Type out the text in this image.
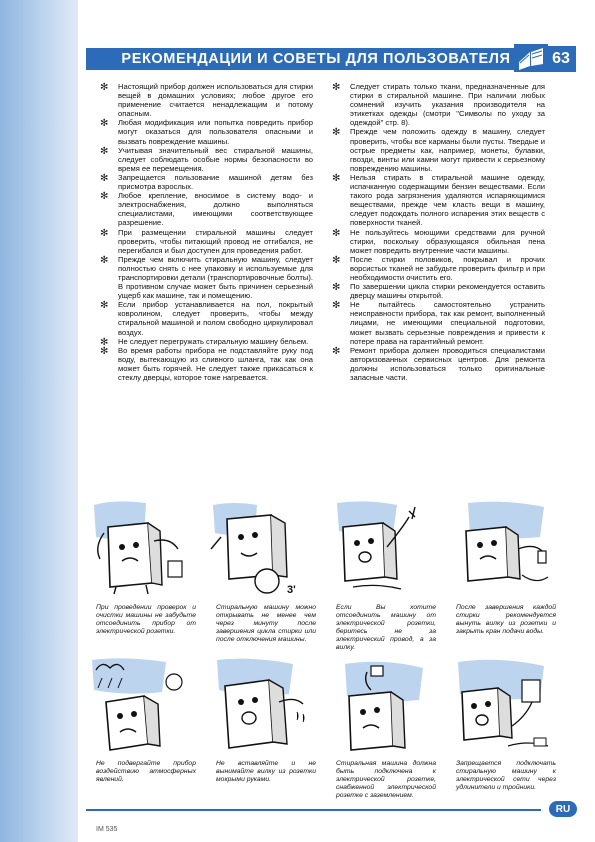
РЕКОМЕНДАЦИИ И СОВЕТЫ ДЛЯ ПОЛЬЗОВАТЕЛЯ	63
✻	Настоящий прибор должен использоваться для стирки вещей в домашних условиях; любое другое его применение считается ненадлежащим и потому опасным.
✻	Любая модификация или попытка повредить прибор могут оказаться для пользователя опасными и вызвать повреждение машины.
✻	Учитывая значительный вес стиральной машины, следует соблюдать особые нормы безопасности во время ее перемещения.
✻	Запрещается пользование машиной детям без присмотра взрослых.
✻	Любое крепление, вносимое в систему водо- и электроснабжения, должно выполняться специалистами, имеющими соответствующее разрешение.
✻	При размещении стиральной машины следует проверить, чтобы питающий провод не отгибался, не перегибался и был доступен для проведения работ.
✻	Прежде чем включить стиральную машину, следует полностью снять с нее упаковку и используемые для транспортировки детали (транспортировочные болты). В противном случае может быть причинен серьезный ущерб как машине, так и помещению.
✻	Если прибор устанавливается на пол, покрытый ковролином, следует проверить, чтобы между стиральной машиной и полом свободно циркулировал воздух.
✻	Не следует перегружать стиральную машину бельем.
✻	Во время работы прибора не подставляйте руку под воду, вытекающую из сливного шланга, так как она может быть горячей. Не следует также прикасаться к стеклу дверцы, которое тоже нагревается.
✻	Следует стирать только ткани, предназначенные для стирки в стиральной машине. При наличии любых сомнений изучить указания производителя на этикетках одежды (смотри "Символы по уходу за одеждой" стр. 8).
✻	Прежде чем положить одежду в машину, следует проверить, чтобы все карманы были пусты. Твердые и острые предметы как, например, монеты, булавки, гвозди, винты или камни могут привести к серьезному повреждению машины.
✻	Нельзя стирать в стиральной машине одежду, испачканную содержащими бензин веществами. Если такого рода загрязнения удаляются испаряющимися веществами, прежде чем класть вещи в машину, следует подождать полного испарения этих веществ с поверхности тканей.
✻	Не пользуйтесь моющими средствами для ручной стирки, поскольку образующаяся обильная пена может повредить внутренние части машины.
✻	После стирки половиков, покрывал и прочих ворсистых тканей не забудьте проверить фильтр и при необходимости очистить его.
✻	По завершении цикла стирки рекомендуется оставить дверцу машины открытой.
✻	Не пытайтесь самостоятельно устранить неисправности прибора, так как ремонт, выполненный лицами, не имеющими специальной подготовки, может вызвать серьезные повреждения и привести к потере права на гарантийный ремонт.
✻	Ремонт прибора должен проводиться специалистами авторизованных сервисных центров. Для ремонта должны использоваться только оригинальные запасные части.
3'
При проведении проверок и очистки машины не забудьте отсоединить прибор от электрической розетки.
Стиральную машину можно открывать не менее чем через минуту после завершения цикла стирки или после отключения машины.
Если Вы хотите отсоединить машину от электрической розетки, беритесь не за электрический провод, а за вилку.
После завершения каждой стирки рекомендуется вынуть вилку из розетки и закрыть кран подачи воды.
Не подвергайте прибор воздействию атмосферных явлений.
Не вставляйте и не вынимайте вилку из розетки мокрыми руками.
Стиральная машина должна быть подключена к электрической розетке, снабженной электрической розетке с заземлением.
Запрещается подключать стиральную машину к электрической сети через удлинители и тройники.
RU
IM 535
